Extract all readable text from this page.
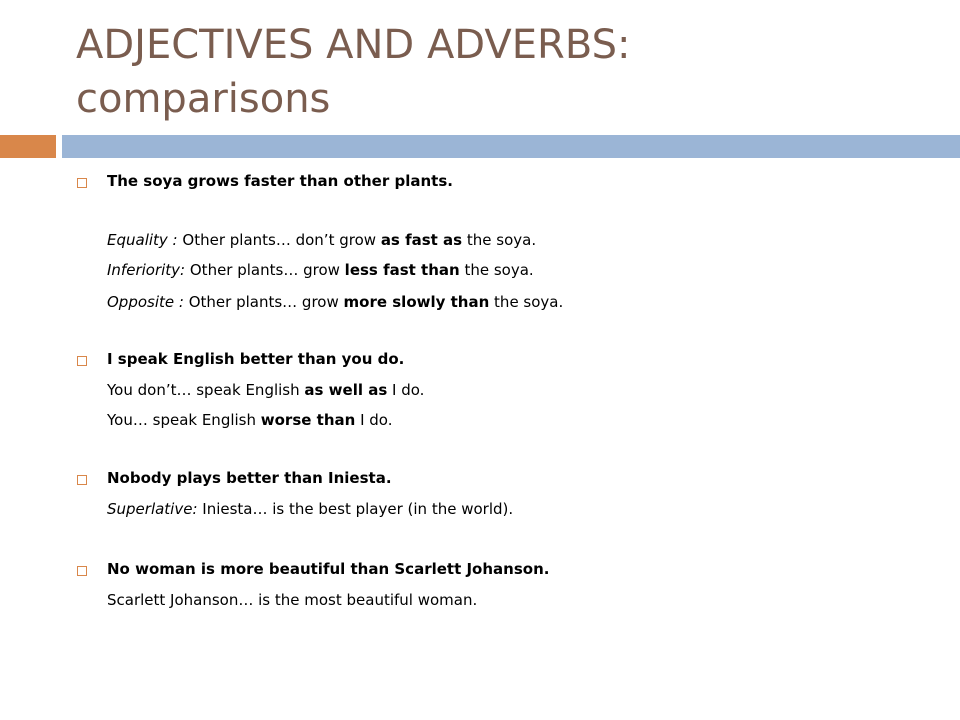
ADJECTIVES AND ADVERBS:
comparisons
The soya grows faster than other plants.
Equality : Other plants… don’t grow as fast as the soya.
Inferiority: Other plants… grow less fast than the soya.
Opposite : Other plants… grow more slowly than the soya.
I speak English better than you do.
You don’t… speak English as well as I do.
You… speak English worse than I do.
Nobody plays better than Iniesta.
Superlative: Iniesta… is the best player (in the world).
No woman is more beautiful than Scarlett Johanson.
Scarlett Johanson… is the most beautiful woman.
